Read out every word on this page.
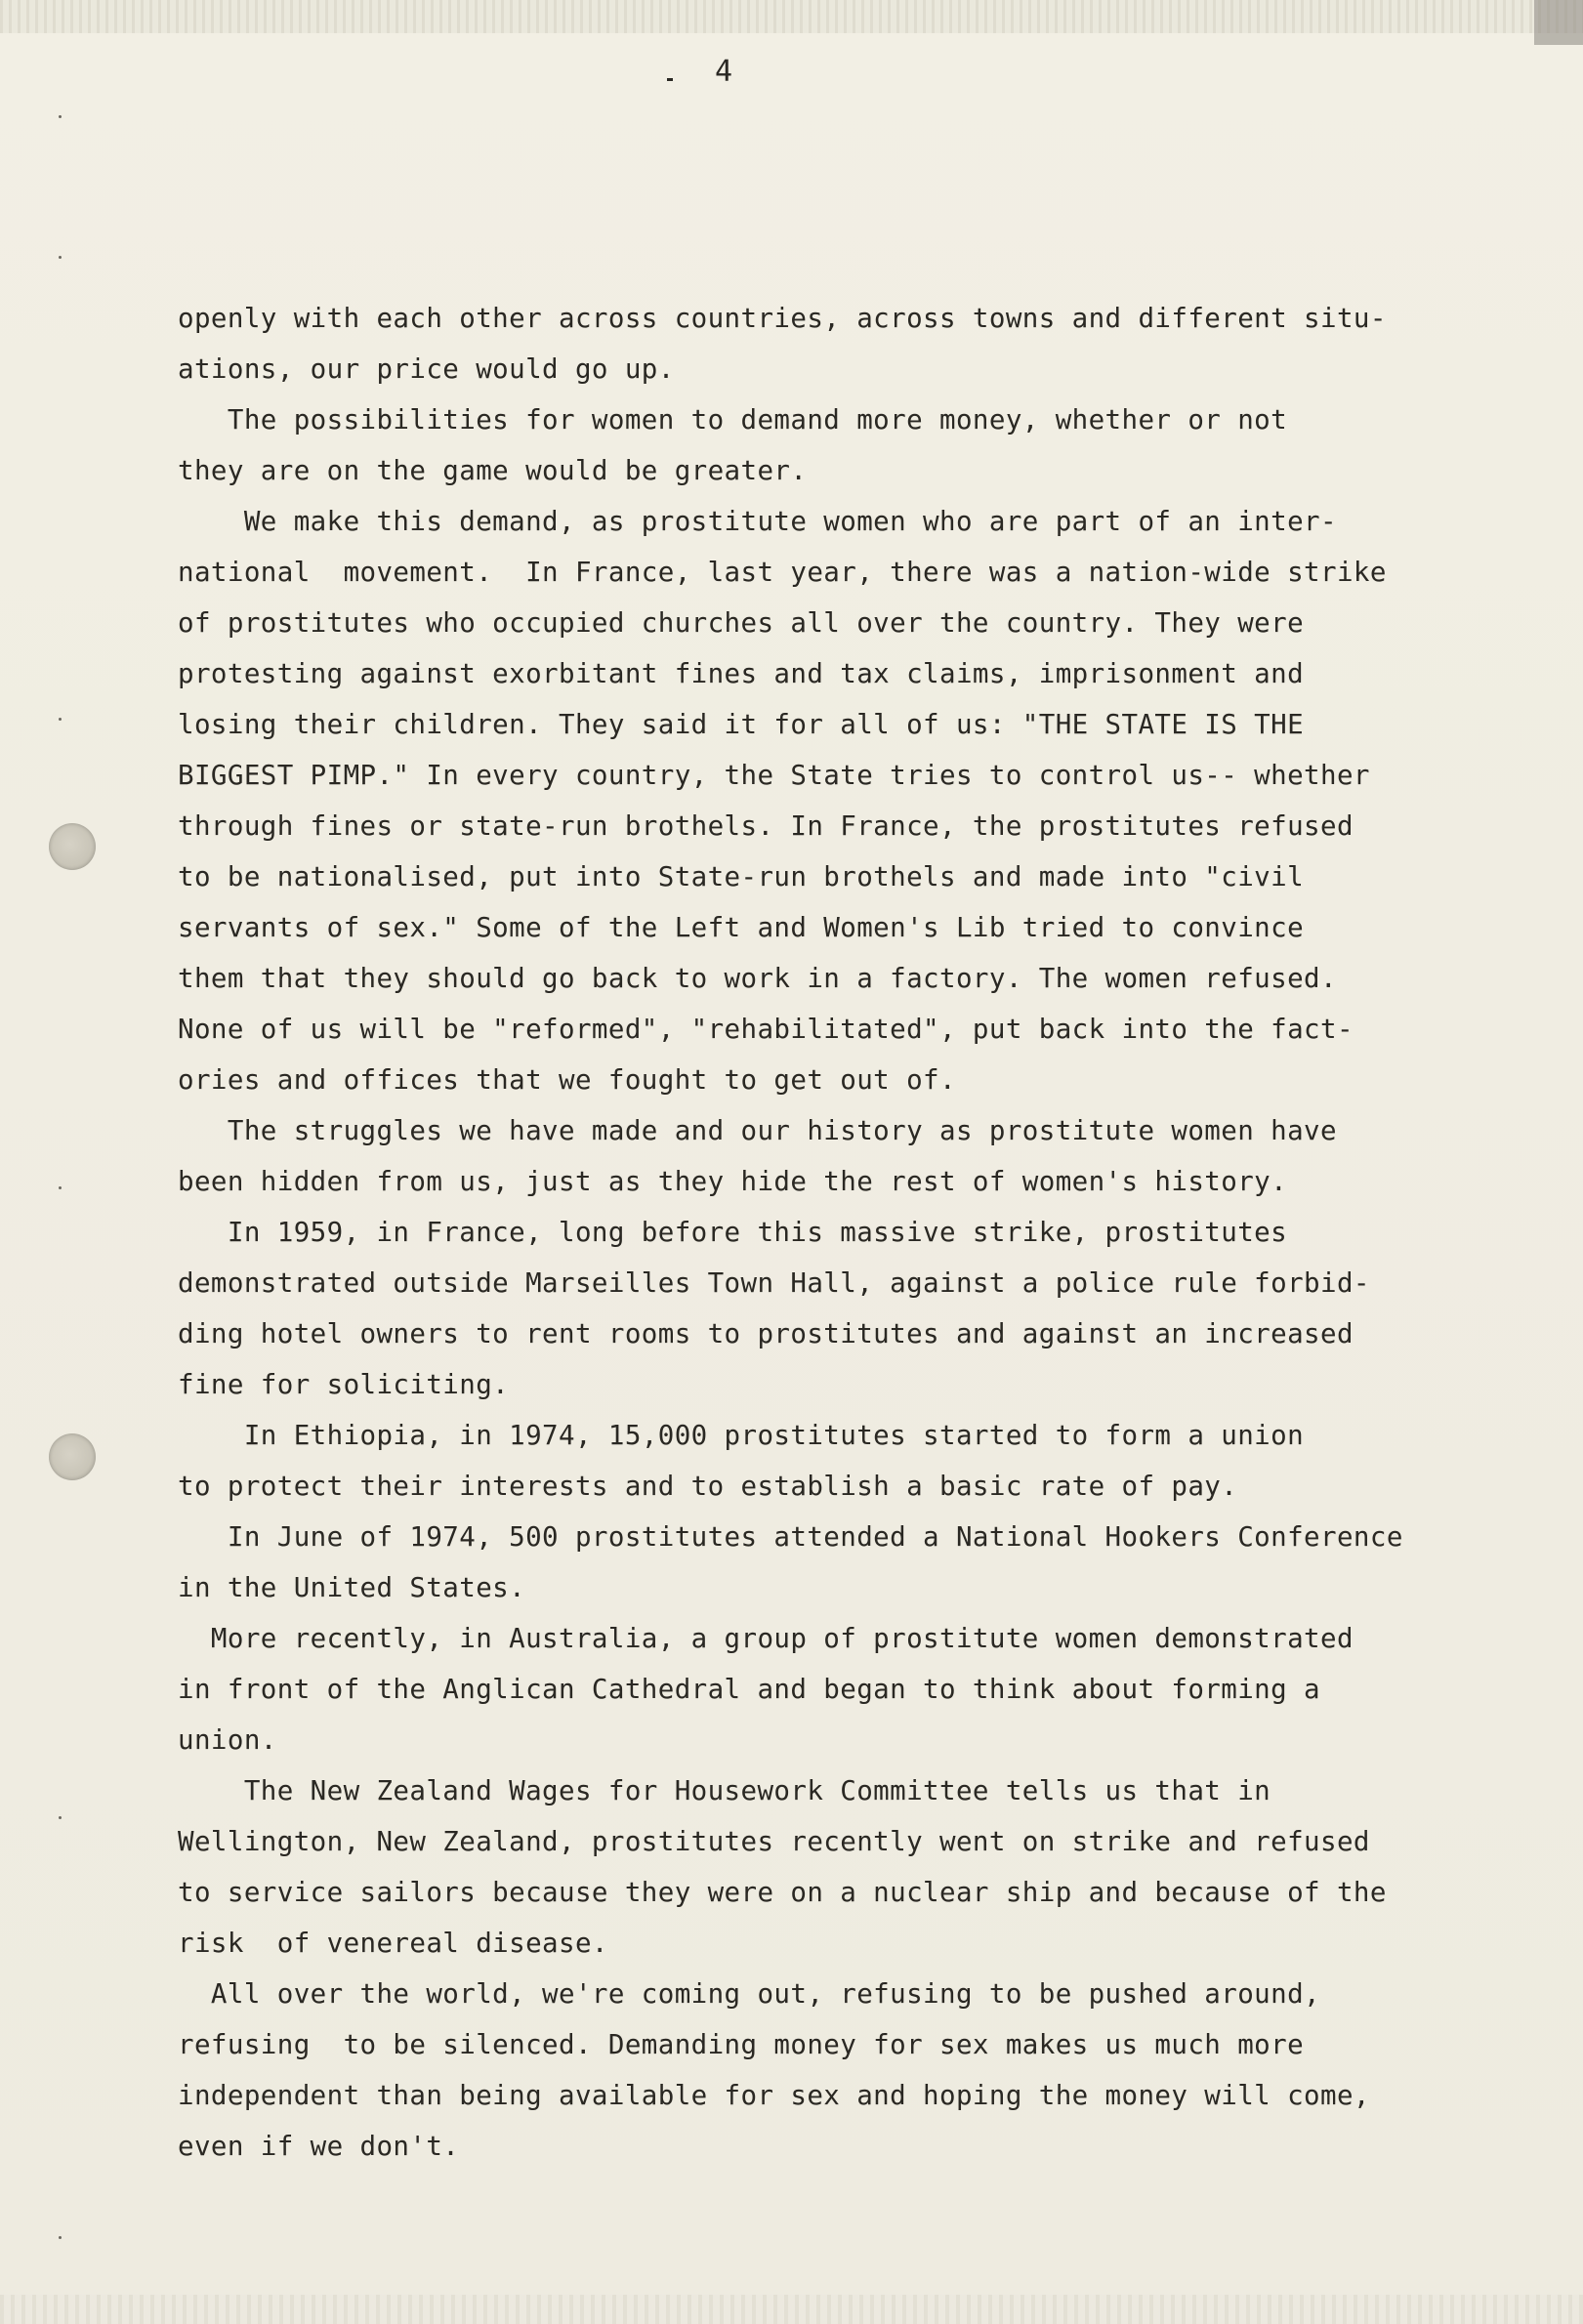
4
openly with each other across countries, across towns and different situ-
ations, our price would go up.
The possibilities for women to demand more money, whether or not
they are on the game would be greater.
We make this demand, as prostitute women who are part of an inter-
national  movement.  In France, last year, there was a nation-wide strike
of prostitutes who occupied churches all over the country. They were
protesting against exorbitant fines and tax claims, imprisonment and
losing their children. They said it for all of us: "THE STATE IS THE
BIGGEST PIMP." In every country, the State tries to control us-- whether
through fines or state-run brothels. In France, the prostitutes refused
to be nationalised, put into State-run brothels and made into "civil
servants of sex." Some of the Left and Women's Lib tried to convince
them that they should go back to work in a factory. The women refused.
None of us will be "reformed", "rehabilitated", put back into the fact-
ories and offices that we fought to get out of.
The struggles we have made and our history as prostitute women have
been hidden from us, just as they hide the rest of women's history.
In 1959, in France, long before this massive strike, prostitutes
demonstrated outside Marseilles Town Hall, against a police rule forbid-
ding hotel owners to rent rooms to prostitutes and against an increased
fine for soliciting.
In Ethiopia, in 1974, 15,000 prostitutes started to form a union
to protect their interests and to establish a basic rate of pay.
In June of 1974, 500 prostitutes attended a National Hookers Conference
in the United States.
More recently, in Australia, a group of prostitute women demonstrated
in front of the Anglican Cathedral and began to think about forming a
union.
The New Zealand Wages for Housework Committee tells us that in
Wellington, New Zealand, prostitutes recently went on strike and refused
to service sailors because they were on a nuclear ship and because of the
risk  of venereal disease.
All over the world, we're coming out, refusing to be pushed around,
refusing  to be silenced. Demanding money for sex makes us much more
independent than being available for sex and hoping the money will come,
even if we don't.
